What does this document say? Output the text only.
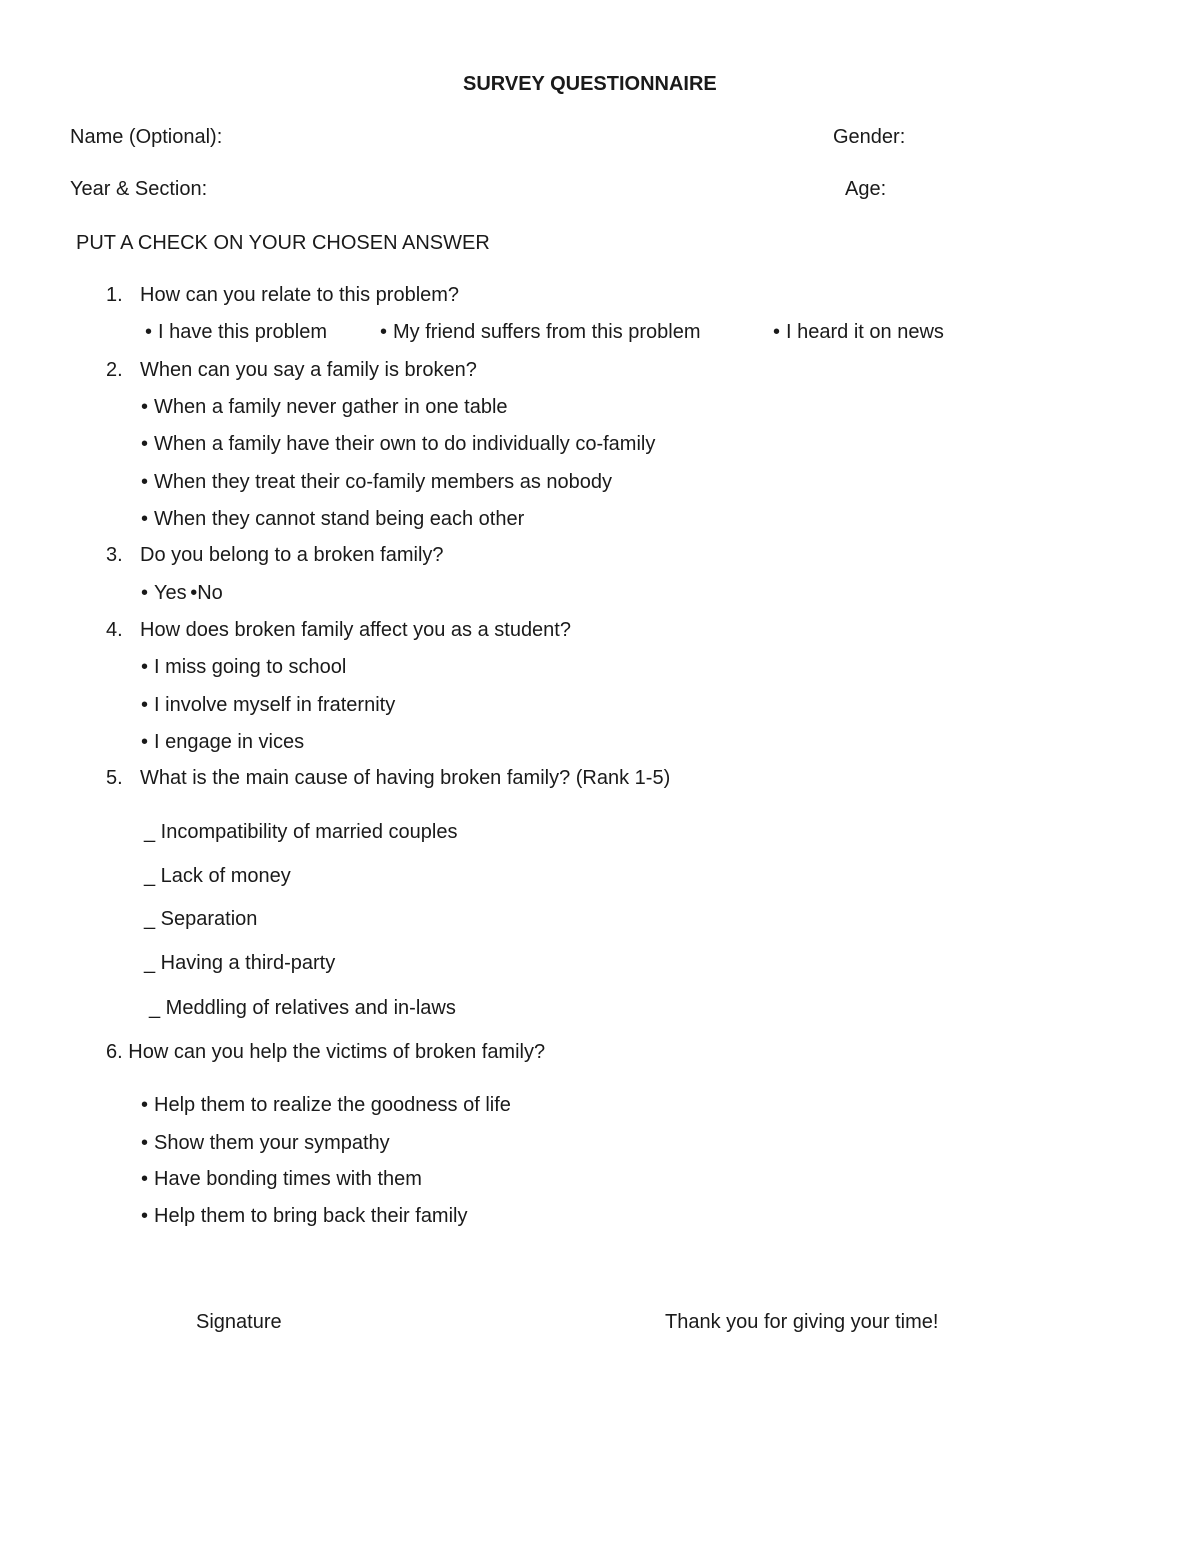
SURVEY QUESTIONNAIRE
Name (Optional):	Gender:
Year & Section:	Age:
PUT A CHECK ON YOUR CHOSEN ANSWER
1. How can you relate to this problem?
• I have this problem	• My friend suffers from this problem	• I heard it on news
2. When can you say a family is broken?
• When a family never gather in one table
• When a family have their own to do individually co-family
• When they treat their co-family members as nobody
• When they cannot stand being each other
3. Do you belong to a broken family?
• Yes •No
4. How does broken family affect you as a student?
• I miss going to school
• I involve myself in fraternity
• I engage in vices
5. What is the main cause of having broken family? (Rank 1-5)
_ Incompatibility of married couples
_ Lack of money
_ Separation
_ Having a third-party
_ Meddling of relatives and in-laws
6. How can you help the victims of broken family?
• Help them to realize the goodness of life
• Show them your sympathy
• Have bonding times with them
• Help them to bring back their family
Signature	Thank you for giving your time!
